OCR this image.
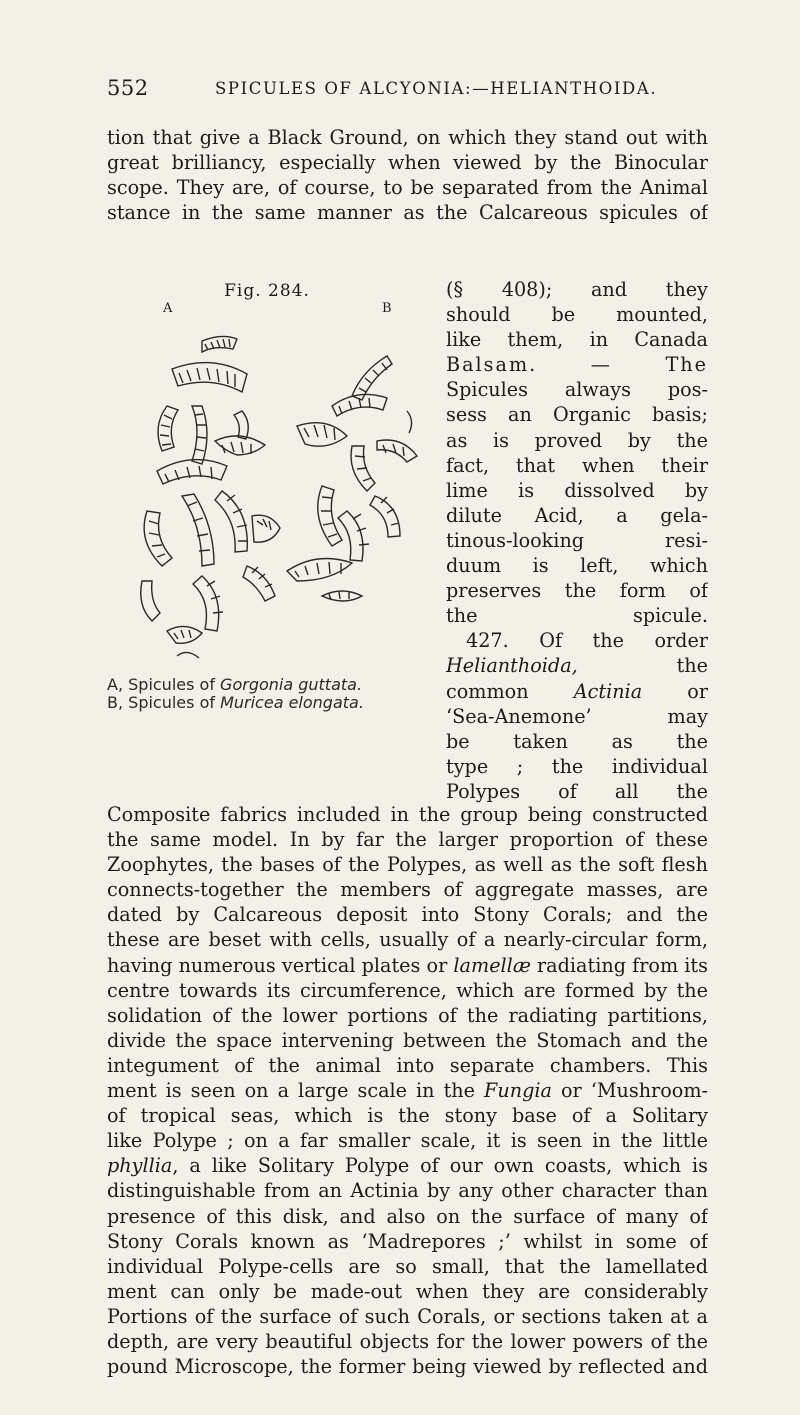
552	SPICULES OF ALCYONIA:—HELIANTHOIDA.
tion that give a Black Ground, on which they stand out with
great brilliancy, especially when viewed by the Binocular
scope. They are, of course, to be separated from the Animal
stance in the same manner as the Calcareous spicules of
Fig. 284.
A	B
A, Spicules of Gorgonia guttata.
B, Spicules of Muricea elongata.
(§ 408); and they
should be mounted,
like them, in Canada
Balsam. — The
Spicules always pos-
sess an Organic basis;
as is proved by the
fact, that when their
lime is dissolved by
dilute Acid, a gela-
tinous-looking resi-
duum is left, which
preserves the form of
the spicule.
427. Of the order
Helianthoida, the
common Actinia or
‘Sea-Anemone’ may
be taken as the
type ; the individual
Polypes of all the
Composite fabrics included in the group being constructed
the same model. In by far the larger proportion of these
Zoophytes, the bases of the Polypes, as well as the soft flesh
connects-together the members of aggregate masses, are
dated by Calcareous deposit into Stony Corals; and the
these are beset with cells, usually of a nearly-circular form,
having numerous vertical plates or lamellæ radiating from its
centre towards its circumference, which are formed by the
solidation of the lower portions of the radiating partitions,
divide the space intervening between the Stomach and the
integument of the animal into separate chambers. This
ment is seen on a large scale in the Fungia or ‘Mushroom-
of tropical seas, which is the stony base of a Solitary
like Polype ; on a far smaller scale, it is seen in the little
phyllia, a like Solitary Polype of our own coasts, which is
distinguishable from an Actinia by any other character than
presence of this disk, and also on the surface of many of
Stony Corals known as ‘Madrepores ;’ whilst in some of
individual Polype-cells are so small, that the lamellated
ment can only be made-out when they are considerably
Portions of the surface of such Corals, or sections taken at a
depth, are very beautiful objects for the lower powers of the
pound Microscope, the former being viewed by reflected and
